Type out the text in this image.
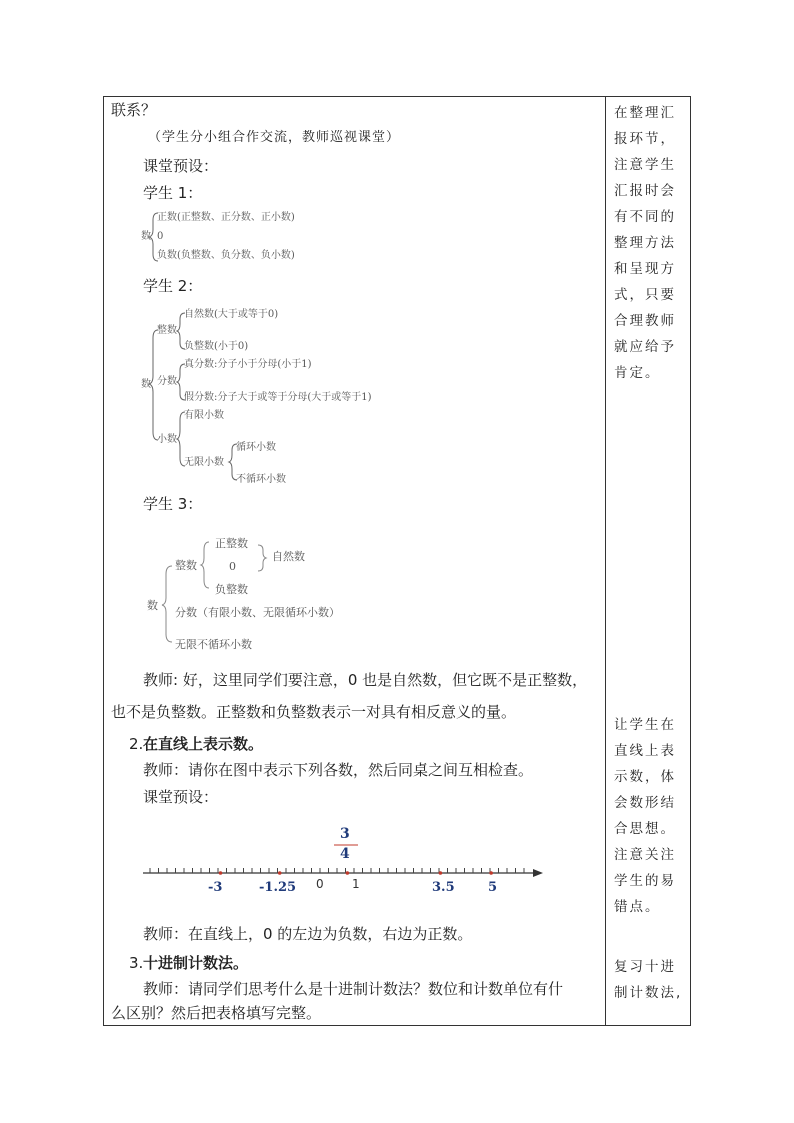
联系？
（学生分小组合作交流，教师巡视课堂）
课堂预设：
学生 1：
数
正数(正整数、正分数、正小数)
0
负数(负整数、负分数、负小数)
学生 2：
数
整数
自然数(大于或等于0)
负整数(小于0)
分数
真分数:分子小于分母(小于1)
假分数:分子大于或等于分母(大于或等于1)
小数
有限小数
无限小数
循环小数
不循环小数
学生 3：
数
整数
正整数
0
自然数
负整数
分数（有限小数、无限循环小数）
无限不循环小数
教师: 好，这里同学们要注意，0 也是自然数，但它既不是正整数，
也不是负整数。正整数和负整数表示一对具有相反意义的量。
2. 在直线上表示数。
教师：请你在图中表示下列各数，然后同桌之间互相检查。
课堂预设：
3
4
-3	-1.25 0 1	3.5	5
教师：在直线上，0 的左边为负数，右边为正数。
3. 十进制计数法。
教师：请同学们思考什么是十进制计数法？数位和计数单位有什
么区别？然后把表格填写完整。
在整理汇
报环节，
注意学生
汇报时会
有不同的
整理方法
和呈现方
式，只要
合理教师
就应给予
肯定。
让学生在
直线上表
示数，体
会数形结
合思想。
注意关注
学生的易
错点。
复习十进
制计数法,
